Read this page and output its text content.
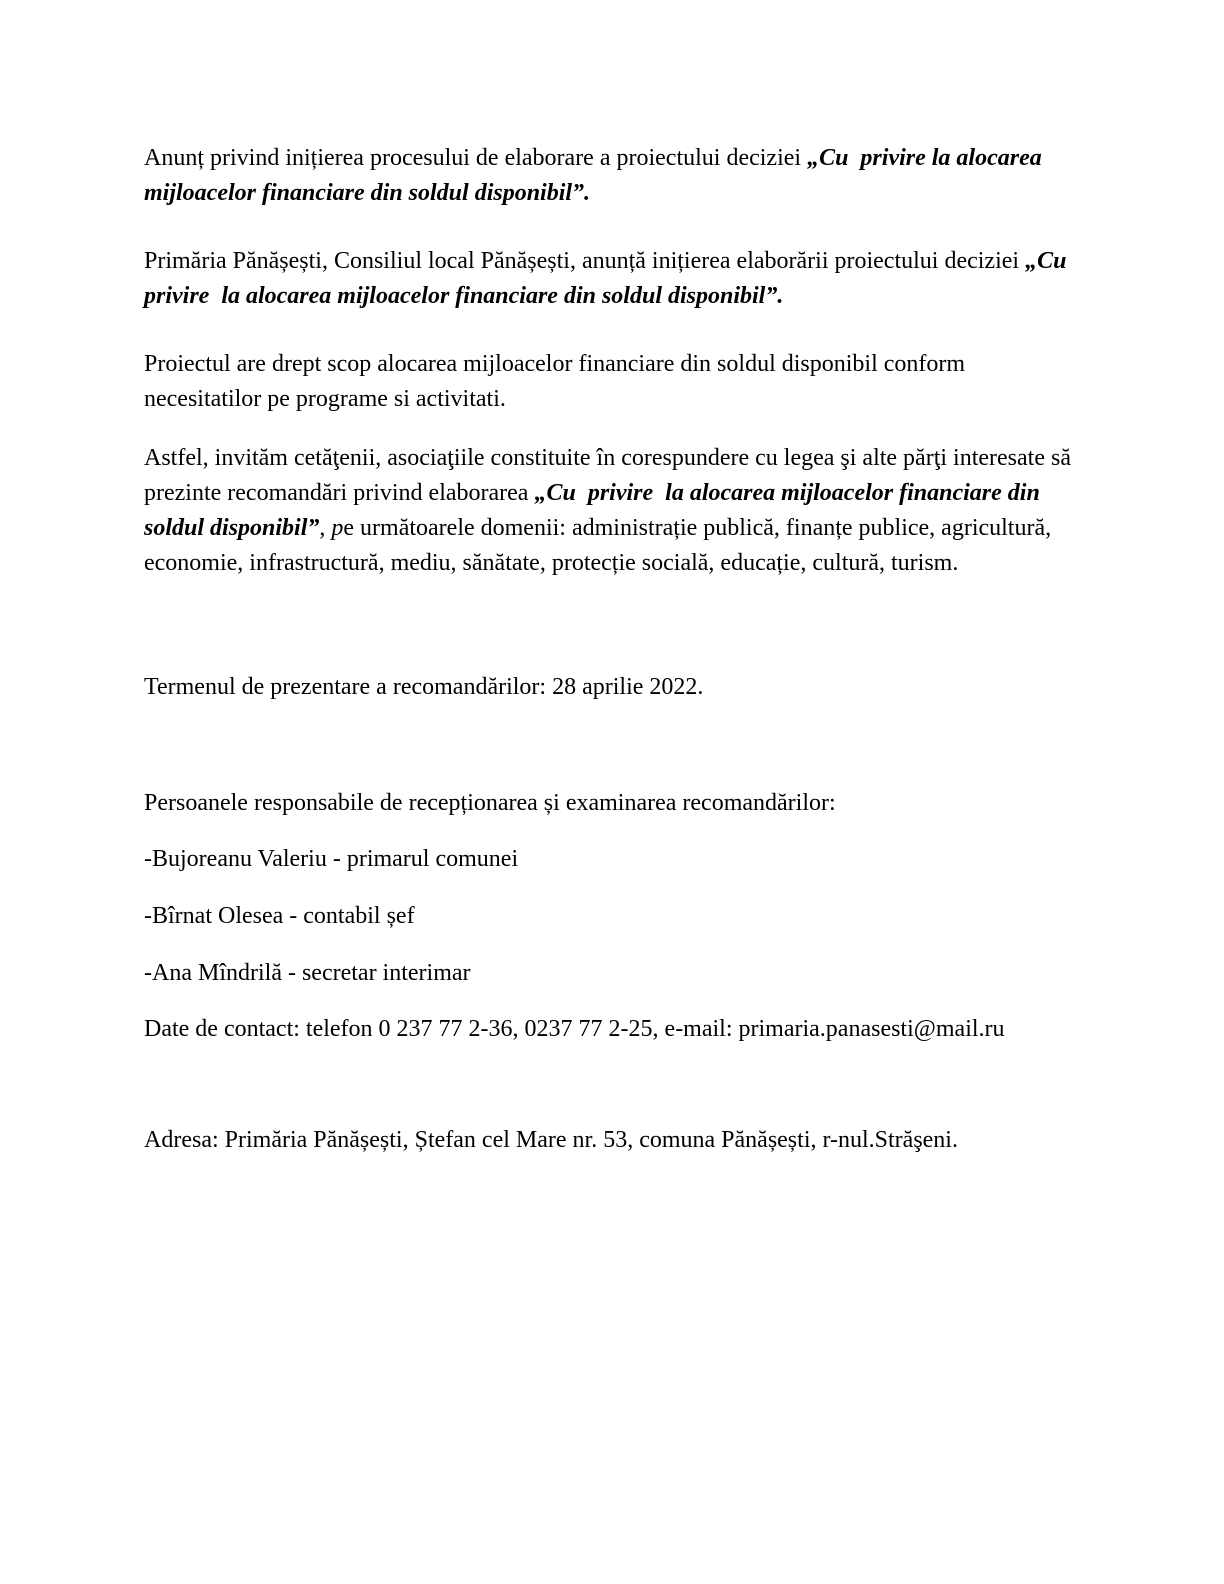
Anunț privind inițierea procesului de elaborare a proiectului deciziei „Cu  privire la alocarea mijloacelor financiare din soldul disponibil”.

Primăria Pănășești, Consiliul local Pănășești, anunță inițierea elaborării proiectului deciziei „Cu  privire  la alocarea mijloacelor financiare din soldul disponibil”.

Proiectul are drept scop alocarea mijloacelor financiare din soldul disponibil conform necesitatilor pe programe si activitati.

Astfel, invităm cetăţenii, asociaţiile constituite în corespundere cu legea şi alte părţi interesate să prezinte recomandări privind elaborarea „Cu  privire  la alocarea mijloacelor financiare din soldul disponibil”, pe următoarele domenii: administrație publică, finanțe publice, agricultură, economie, infrastructură, mediu, sănătate, protecție socială, educație, cultură, turism.

Termenul de prezentare a recomandărilor: 28 aprilie 2022.

Persoanele responsabile de recepționarea și examinarea recomandărilor:

-Bujoreanu Valeriu - primarul comunei

-Bîrnat Olesea - contabil șef

-Ana Mîndrilă - secretar interimar

Date de contact: telefon 0 237 77 2-36, 0237 77 2-25, e-mail: primaria.panasesti@mail.ru

Adresa: Primăria Pănășești, Ștefan cel Mare nr. 53, comuna Pănășești, r-nul.Străşeni.
